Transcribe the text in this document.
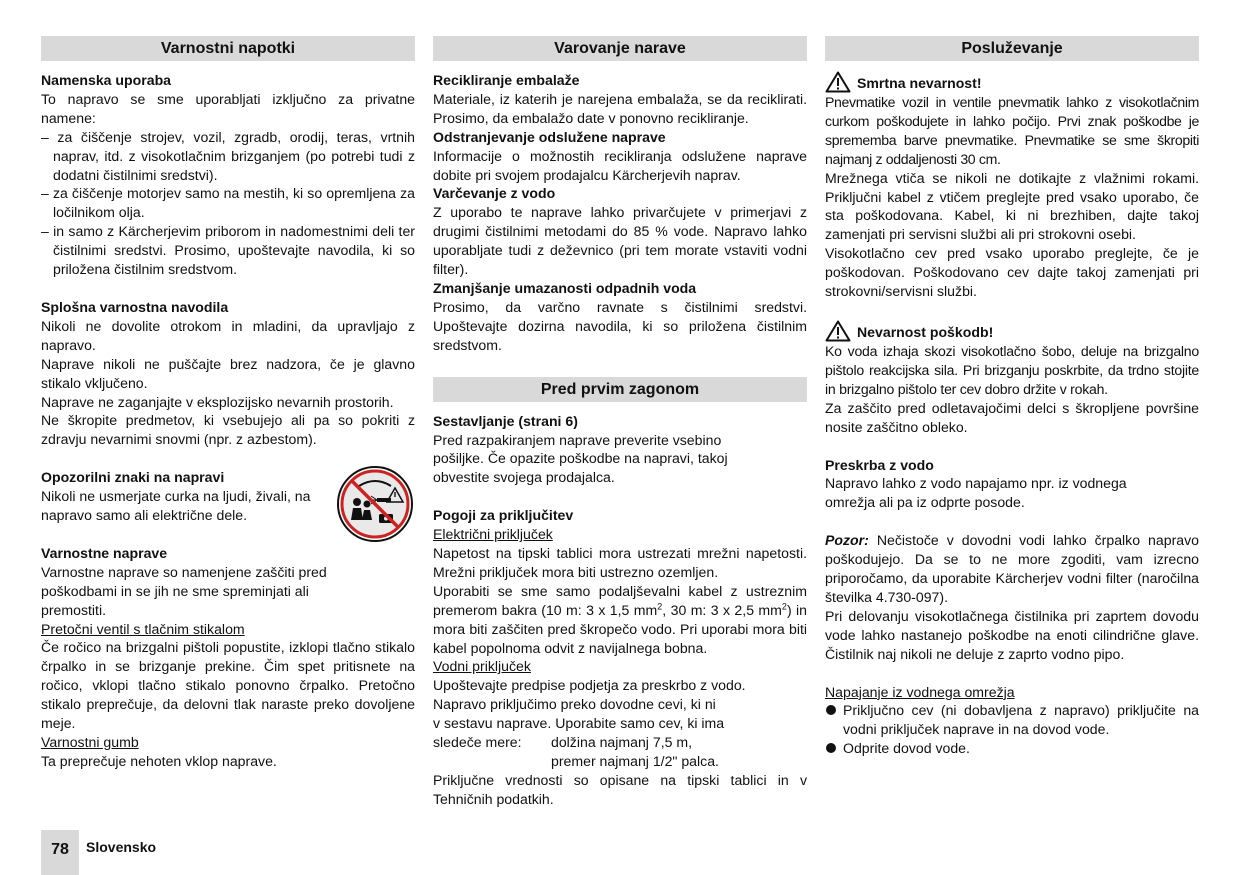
Varnostni napotki
Namenska uporaba
To napravo se sme uporabljati izključno za privatne namene:
– za čiščenje strojev, vozil, zgradb, orodij, teras, vrtnih naprav, itd. z visokotlačnim brizganjem (po potrebi tudi z dodatni čistilnimi sredstvi).
– za čiščenje motorjev samo na mestih, ki so opremljena za ločilnikom olja.
– in samo z Kärcherjevim priborom in nadomestnimi deli ter čistilnimi sredstvi. Prosimo, upoštevajte navodila, ki so priložena čistilnim sredstvom.
Splošna varnostna navodila
Nikoli ne dovolite otrokom in mladini, da upravljajo z napravo.
Naprave nikoli ne puščajte brez nadzora, če je glavno stikalo vključeno.
Naprave ne zaganjajte v eksplozijsko nevarnih prostorih.
Ne škropite predmetov, ki vsebujejo ali pa so pokriti z zdravju nevarnimi snovmi (npr. z azbestom).
Opozorilni znaki na napravi
Nikoli ne usmerjate curka na ljudi, živali, na napravo samo ali električne dele.
Varnostne naprave
Varnostne naprave so namenjene zaščiti pred poškodbami in se jih ne sme spreminjati ali premostiti.
Pretočni ventil s tlačnim stikalom
Če ročico na brizgalni pištoli popustite, izklopi tlačno stikalo črpalko in se brizganje prekine. Čim spet pritisnete na ročico, vklopi tlačno stikalo ponovno črpalko. Pretočno stikalo preprečuje, da delovni tlak naraste preko dovoljene meje.
Varnostni gumb
Ta preprečuje nehoten vklop naprave.
Varovanje narave
Recikliranje embalaže
Materiale, iz katerih je narejena embalaža, se da reciklirati. Prosimo, da embalažo date v ponovno recikliranje.
Odstranjevanje odslužene naprave
Informacije o možnostih recikliranja odslužene naprave dobite pri svojem prodajalcu Kärcherjevih naprav.
Varčevanje z vodo
Z uporabo te naprave lahko privarčujete v primerjavi z drugimi čistilnimi metodami do 85 % vode. Napravo lahko uporabljate tudi z deževnico (pri tem morate vstaviti vodni filter).
Zmanjšanje umazanosti odpadnih voda
Prosimo, da varčno ravnate s čistilnimi sredstvi. Upoštevajte dozirna navodila, ki so priložena čistilnim sredstvom.
Pred prvim zagonom
Sestavljanje (strani 6)
Pred razpakiranjem naprave preverite vsebino
pošiljke. Če opazite poškodbe na napravi, takoj
obvestite svojega prodajalca.
Pogoji za priključitev
Električni priključek
Napetost na tipski tablici mora ustrezati mrežni napetosti. Mrežni priključek mora biti ustrezno ozemljen.
Uporabiti se sme samo podaljševalni kabel z ustreznim premerom bakra (10 m: 3 x 1,5 $mm^2$, 30 m: 3 x 2,5 $mm^2$) in mora biti zaščiten pred škropečo vodo. Pri uporabi mora biti kabel popolnoma odvit z navijalnega bobna.
Vodni priključek
Upoštevajte predpise podjetja za preskrbo z vodo.
Napravo priključimo preko dovodne cevi, ki ni
v sestavu naprave. Uporabite samo cev, ki ima
sledeče mere:	dolžina najmanj 7,5 m,
premer najmanj 1/2" palca.
Priključne vrednosti so opisane na tipski tablici in v Tehničnih podatkih.
Posluževanje
Smrtna nevarnost!
Pnevmatike vozil in ventile pnevmatik lahko z visokotlačnim curkom poškodujete in lahko počijo. Prvi znak poškodbe je sprememba barve pnevmatike. Pnevmatike se sme škropiti najmanj z oddaljenosti 30 cm.
Mrežnega vtiča se nikoli ne dotikajte z vlažnimi rokami. Priključni kabel z vtičem preglejte pred vsako uporabo, če sta poškodovana. Kabel, ki ni brezhiben, dajte takoj zamenjati pri servisni službi ali pri strokovni osebi.
Visokotlačno cev pred vsako uporabo preglejte, če je poškodovan. Poškodovano cev dajte takoj zamenjati pri strokovni/servisni službi.
Nevarnost poškodb!
Ko voda izhaja skozi visokotlačno šobo, deluje na brizgalno pištolo reakcijska sila. Pri brizganju poskrbite, da trdno stojite in brizgalno pištolo ter cev dobro držite v rokah.
Za zaščito pred odletavajočimi delci s škropljene površine nosite zaščitno obleko.
Preskrba z vodo
Napravo lahko z vodo napajamo npr. iz vodnega
omrežja ali pa iz odprte posode.
Pozor: Nečistoče v dovodni vodi lahko črpalko napravo poškodujejo. Da se to ne more zgoditi, vam izrecno priporočamo, da uporabite Kärcherjev vodni filter (naročilna številka 4.730-097).
Pri delovanju visokotlačnega čistilnika pri zaprtem dovodu vode lahko nastanejo poškodbe na enoti cilindrične glave. Čistilnik naj nikoli ne deluje z zaprto vodno pipo.
Napajanje iz vodnega omrežja
Priključno cev (ni dobavljena z napravo) priključite na vodni priključek naprave in na dovod vode.
Odprite dovod vode.
78	Slovensko
